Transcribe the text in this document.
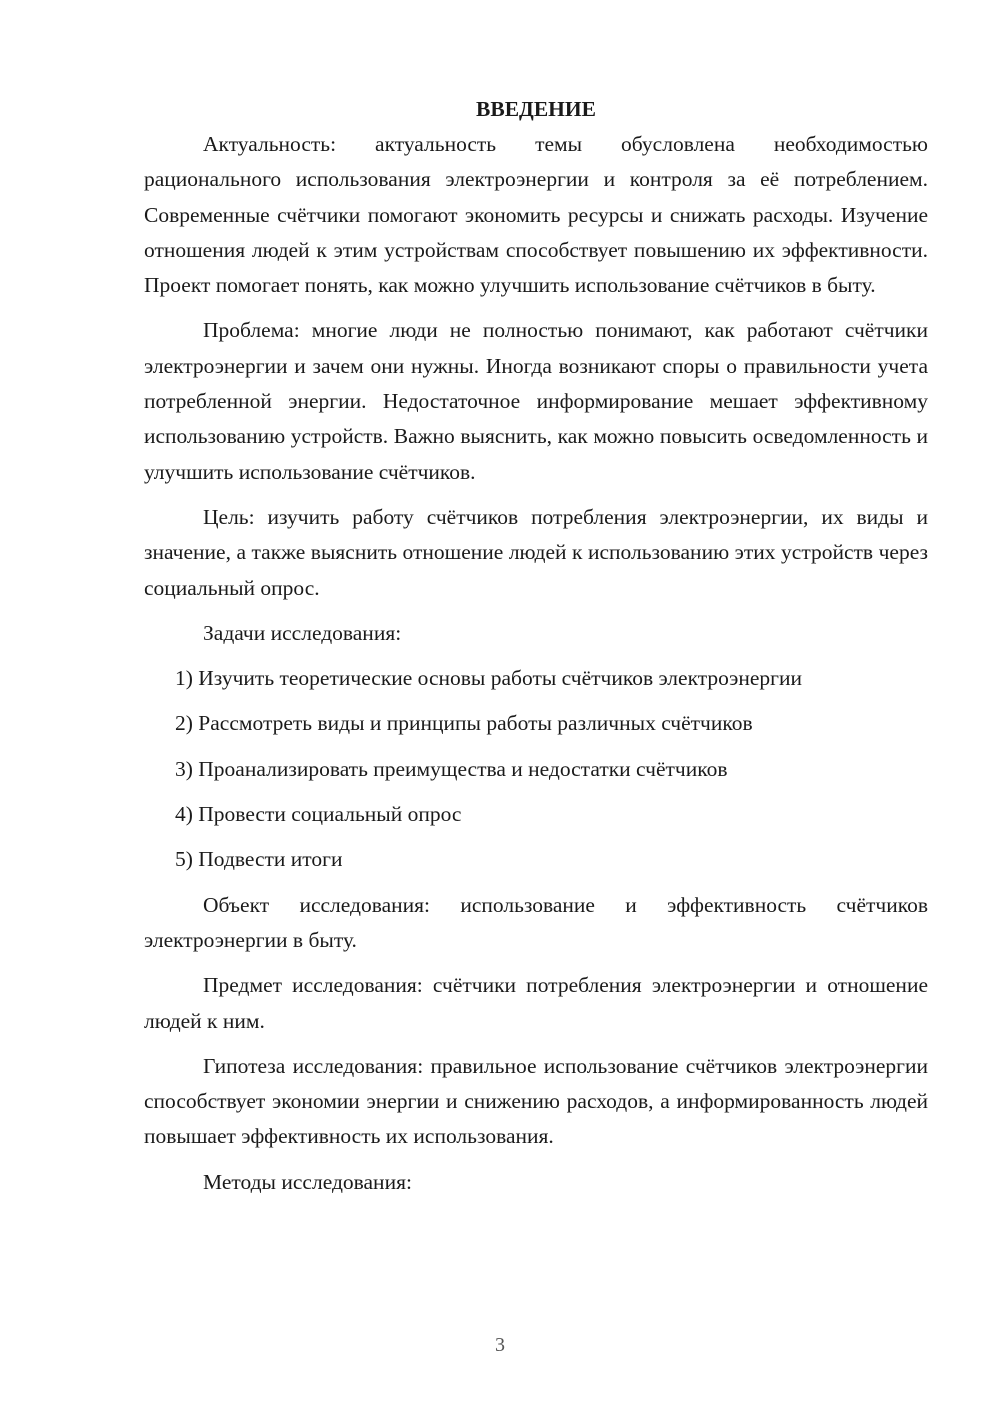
ВВЕДЕНИЕ

Актуальность: актуальность темы обусловлена необходимостью рационального использования электроэнергии и контроля за её потреблением. Современные счётчики помогают экономить ресурсы и снижать расходы. Изучение отношения людей к этим устройствам способствует повышению их эффективности. Проект помогает понять, как можно улучшить использование счётчиков в быту.

Проблема: многие люди не полностью понимают, как работают счётчики электроэнергии и зачем они нужны. Иногда возникают споры о правильности учета потребленной энергии. Недостаточное информирование мешает эффективному использованию устройств. Важно выяснить, как можно повысить осведомленность и улучшить использование счётчиков.

Цель: изучить работу счётчиков потребления электроэнергии, их виды и значение, а также выяснить отношение людей к использованию этих устройств через социальный опрос.

Задачи исследования:

1) Изучить теоретические основы работы счётчиков электроэнергии
2) Рассмотреть виды и принципы работы различных счётчиков
3) Проанализировать преимущества и недостатки счётчиков
4) Провести социальный опрос
5) Подвести итоги

Объект исследования: использование и эффективность счётчиков электроэнергии в быту.

Предмет исследования: счётчики потребления электроэнергии и отношение людей к ним.

Гипотеза исследования: правильное использование счётчиков электроэнергии способствует экономии энергии и снижению расходов, а информированность людей повышает эффективность их использования.

Методы исследования:

3
